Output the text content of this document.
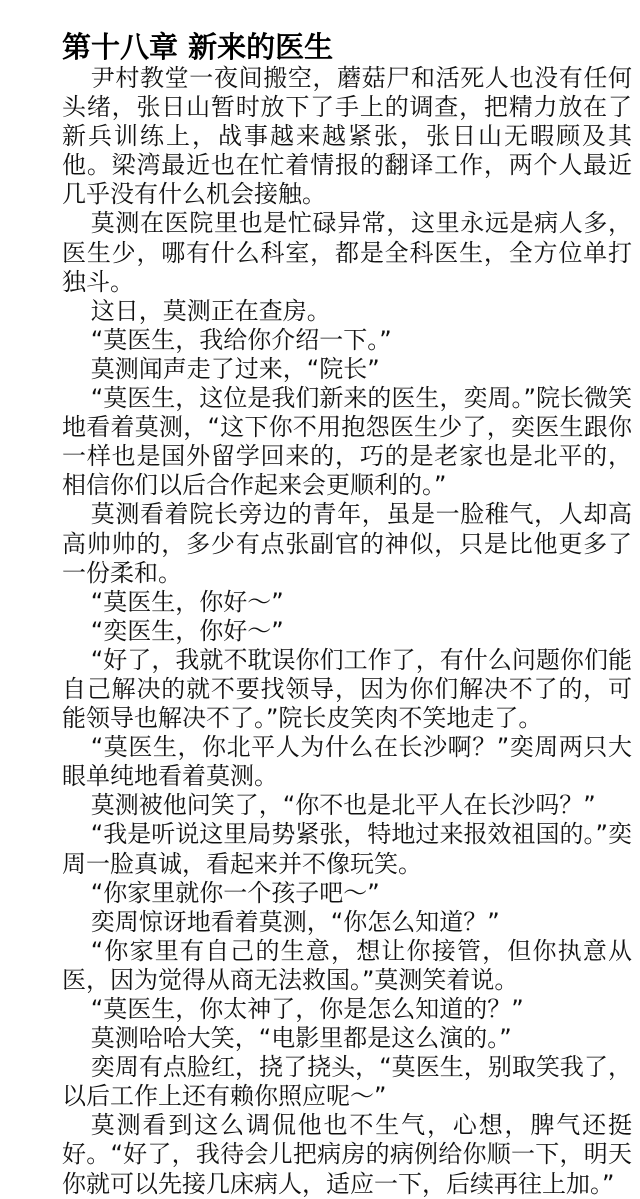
第十八章 新来的医生

尹村教堂一夜间搬空，蘑菇尸和活死人也没有任何头绪，张日山暂时放下了手上的调查，把精力放在了新兵训练上，战事越来越紧张，张日山无暇顾及其他。梁湾最近也在忙着情报的翻译工作，两个人最近几乎没有什么机会接触。

莫测在医院里也是忙碌异常，这里永远是病人多，医生少，哪有什么科室，都是全科医生，全方位单打独斗。

这日，莫测正在查房。

“莫医生，我给你介绍一下。”

莫测闻声走了过来，“院长”

“莫医生，这位是我们新来的医生，奕周。”院长微笑地看着莫测，“这下你不用抱怨医生少了，奕医生跟你一样也是国外留学回来的，巧的是老家也是北平的，相信你们以后合作起来会更顺利的。”

莫测看着院长旁边的青年，虽是一脸稚气，人却高高帅帅的，多少有点张副官的神似，只是比他更多了一份柔和。

“莫医生，你好～”

“奕医生，你好～”

“好了，我就不耽误你们工作了，有什么问题你们能自己解决的就不要找领导，因为你们解决不了的，可能领导也解决不了。”院长皮笑肉不笑地走了。

“莫医生，你北平人为什么在长沙啊？”奕周两只大眼单纯地看着莫测。

莫测被他问笑了，“你不也是北平人在长沙吗？”

“我是听说这里局势紧张，特地过来报效祖国的。”奕周一脸真诚，看起来并不像玩笑。

“你家里就你一个孩子吧～”

奕周惊讶地看着莫测，“你怎么知道？”

“你家里有自己的生意，想让你接管，但你执意从医，因为觉得从商无法救国。”莫测笑着说。

“莫医生，你太神了，你是怎么知道的？”

莫测哈哈大笑，“电影里都是这么演的。”

奕周有点脸红，挠了挠头，“莫医生，别取笑我了，以后工作上还有赖你照应呢～”

莫测看到这么调侃他也不生气，心想，脾气还挺好。“好了，我待会儿把病房的病例给你顺一下，明天你就可以先接几床病人，适应一下，后续再往上加。”
